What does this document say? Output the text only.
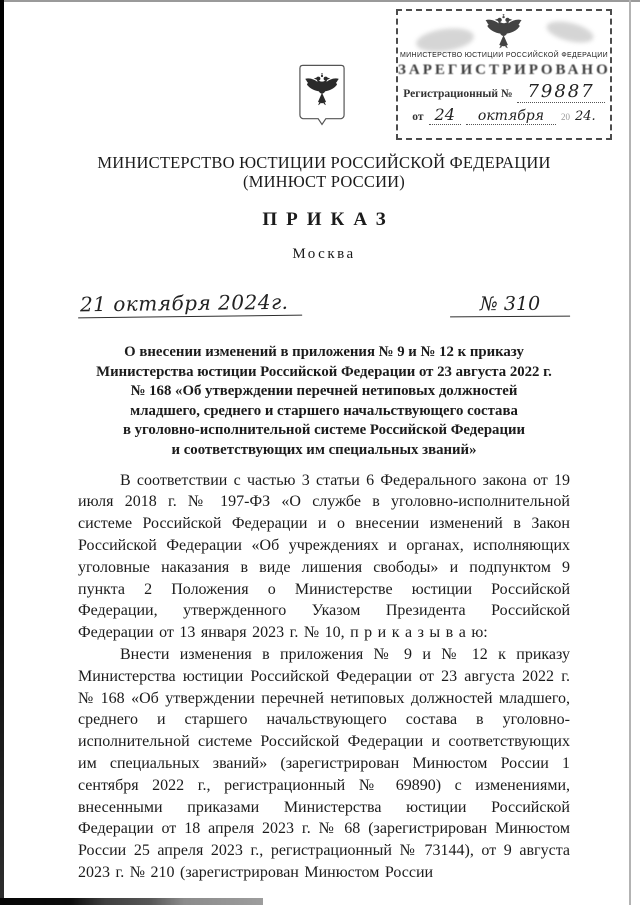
МИНИСТЕРСТВО ЮСТИЦИИ РОССИЙСКОЙ ФЕДЕРАЦИИ
ЗАРЕГИСТРИРОВАНО
Регистрационный № 79887
от 24	октября	20 24.
МИНИСТЕРСТВО ЮСТИЦИИ РОССИЙСКОЙ ФЕДЕРАЦИИ
(МИНЮСТ РОССИИ)
ПРИКАЗ
Москва
21 октября 2024г.	№ 310
О внесении изменений в приложения № 9 и № 12 к приказу
Министерства юстиции Российской Федерации от 23 августа 2022 г.
№ 168 «Об утверждении перечней нетиповых должностей
младшего, среднего и старшего начальствующего состава
в уголовно-исполнительной системе Российской Федерации
и соответствующих им специальных званий»

В соответствии с частью 3 статьи 6 Федерального закона от 19 июля 2018 г. № 197-ФЗ «О службе в уголовно-исполнительной системе Российской Федерации и о внесении изменений в Закон Российской Федерации «Об учреждениях и органах, исполняющих уголовные наказания в виде лишения свободы» и подпунктом 9 пункта 2 Положения о Министерстве юстиции Российской Федерации, утвержденного Указом Президента Российской Федерации от 13 января 2023 г. № 10, п р и к а з ы в а ю:

Внести изменения в приложения № 9 и № 12 к приказу Министерства юстиции Российской Федерации от 23 августа 2022 г. № 168 «Об утверждении перечней нетиповых должностей младшего, среднего и старшего начальствующего состава в уголовно-исполнительной системе Российской Федерации и соответствующих им специальных званий» (зарегистрирован Минюстом России 1 сентября 2022 г., регистрационный № 69890) с изменениями, внесенными приказами Министерства юстиции Российской Федерации от 18 апреля 2023 г. № 68 (зарегистрирован Минюстом России 25 апреля 2023 г., регистрационный № 73144), от 9 августа 2023 г. № 210 (зарегистрирован Минюстом России
